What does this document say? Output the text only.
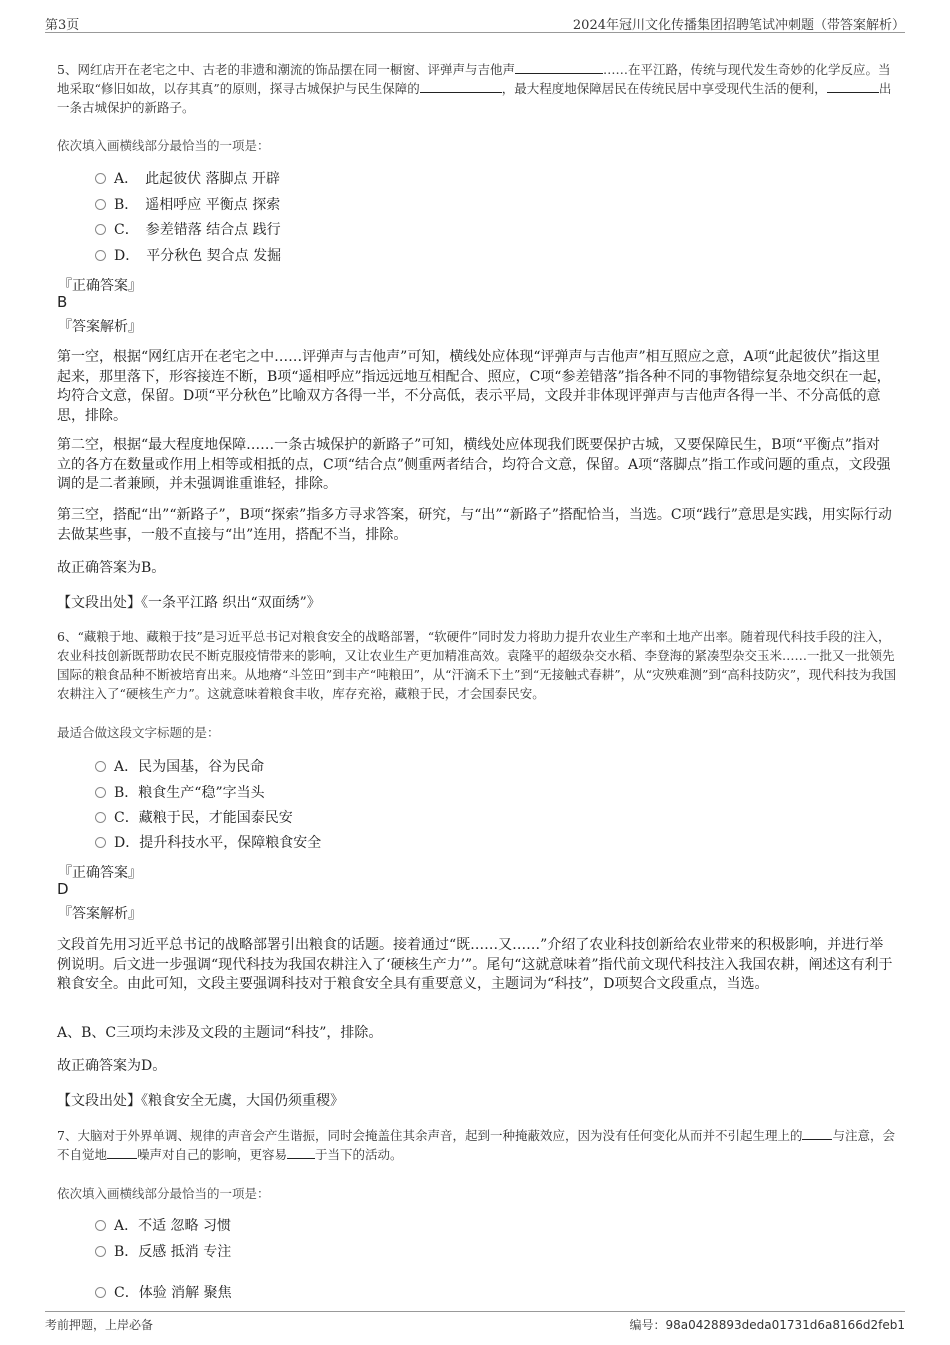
第3页	2024年冠川文化传播集团招聘笔试冲刺题（带答案解析）
5、网红店开在老宅之中、古老的非遗和潮流的饰品摆在同一橱窗、评弹声与吉他声	……在平江路，传统与现代发生奇妙的化学反应。当地采取“修旧如故，以存其真”的原则，探寻古城保护与民生保障的	，最大程度地保障居民在传统民居中享受现代生活的便利，	出一条古城保护的新路子。
依次填入画横线部分最恰当的一项是：
A．　此起彼伏 落脚点 开辟
B．　遥相呼应 平衡点 探索
C．　参差错落 结合点 践行
D．　平分秋色 契合点 发掘
『正确答案』
B
『答案解析』
第一空，根据“网红店开在老宅之中……评弹声与吉他声”可知，横线处应体现“评弹声与吉他声”相互照应之意，A项“此起彼伏”指这里起来，那里落下，形容接连不断，B项“遥相呼应”指远远地互相配合、照应，C项“参差错落”指各种不同的事物错综复杂地交织在一起，均符合文意，保留。D项“平分秋色”比喻双方各得一半，不分高低，表示平局，文段并非体现评弹声与吉他声各得一半、不分高低的意思，排除。
第二空，根据“最大程度地保障……一条古城保护的新路子”可知，横线处应体现我们既要保护古城，又要保障民生，B项“平衡点”指对立的各方在数量或作用上相等或相抵的点，C项“结合点”侧重两者结合，均符合文意，保留。A项“落脚点”指工作或问题的重点，文段强调的是二者兼顾，并未强调谁重谁轻，排除。
第三空，搭配“出”“新路子”，B项“探索”指多方寻求答案，研究，与“出”“新路子”搭配恰当，当选。C项“践行”意思是实践，用实际行动去做某些事，一般不直接与“出”连用，搭配不当，排除。
故正确答案为B。
【文段出处】《一条平江路 织出“双面绣”》
6、“藏粮于地、藏粮于技”是习近平总书记对粮食安全的战略部署，“软硬件”同时发力将助力提升农业生产率和土地产出率。随着现代科技手段的注入，农业科技创新既帮助农民不断克服疫情带来的影响，又让农业生产更加精准高效。袁隆平的超级杂交水稻、李登海的紧凑型杂交玉米……一批又一批领先国际的粮食品种不断被培育出来。从地瘠“斗笠田”到丰产“吨粮田”，从“汗滴禾下土”到“无接触式春耕”，从“灾殃难测”到“高科技防灾”，现代科技为我国农耕注入了“硬核生产力”。这就意味着粮食丰收，库存充裕，藏粮于民，才会国泰民安。
最适合做这段文字标题的是：
A．民为国基，谷为民命
B．粮食生产“稳”字当头
C．藏粮于民，才能国泰民安
D．提升科技水平，保障粮食安全
『正确答案』
D
『答案解析』
文段首先用习近平总书记的战略部署引出粮食的话题。接着通过“既……又……”介绍了农业科技创新给农业带来的积极影响，并进行举例说明。后文进一步强调“现代科技为我国农耕注入了‘硬核生产力’”。尾句“这就意味着”指代前文现代科技注入我国农耕，阐述这有利于粮食安全。由此可知，文段主要强调科技对于粮食安全具有重要意义，主题词为“科技”，D项契合文段重点，当选。
A、B、C三项均未涉及文段的主题词“科技”，排除。
故正确答案为D。
【文段出处】《粮食安全无虞，大国仍须重稷》
7、大脑对于外界单调、规律的声音会产生谐振，同时会掩盖住其余声音，起到一种掩蔽效应，因为没有任何变化从而并不引起生理上的 与注意，会不自觉地 噪声对自己的影响，更容易 于当下的活动。
依次填入画横线部分最恰当的一项是：
A．不适 忽略 习惯
B．反感 抵消 专注
C．体验 消解 聚焦
考前押题，上岸必备	编号：98a0428893deda01731d6a8166d2feb1
